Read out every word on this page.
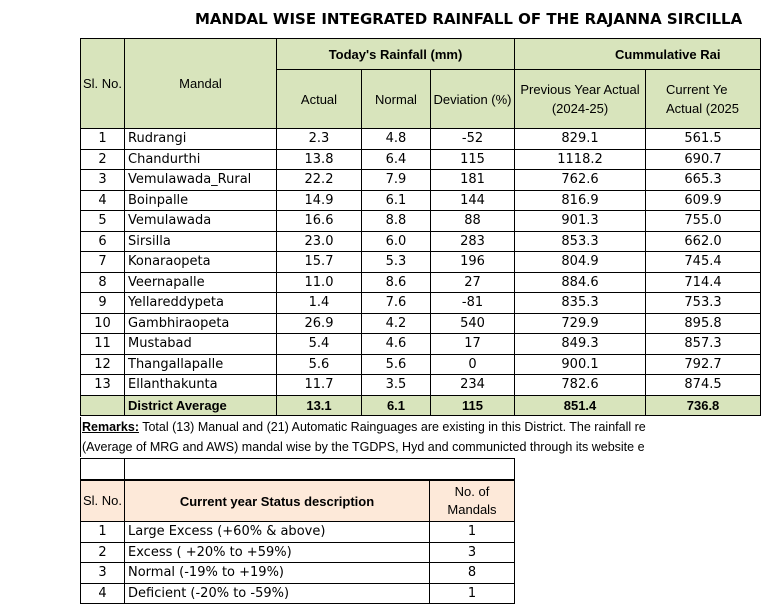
MANDAL WISE INTEGRATED RAINFALL OF THE RAJANNA SIRCILLA
Sl. No.	Mandal	Today's Rainfall (mm)			Cummulative Rai	
		Actual	Normal	Deviation (%)	Previous Year Actual (2024-25)	Current Ye Actual (2025
1	Rudrangi	2.3	4.8	-52	829.1	561.5
2	Chandurthi	13.8	6.4	115	1118.2	690.7
3	Vemulawada_Rural	22.2	7.9	181	762.6	665.3
4	Boinpalle	14.9	6.1	144	816.9	609.9
5	Vemulawada	16.6	8.8	88	901.3	755.0
6	Sirsilla	23.0	6.0	283	853.3	662.0
7	Konaraopeta	15.7	5.3	196	804.9	745.4
8	Veernapalle	11.0	8.6	27	884.6	714.4
9	Yellareddypeta	1.4	7.6	-81	835.3	753.3
10	Gambhiraopeta	26.9	4.2	540	729.9	895.8
11	Mustabad	5.4	4.6	17	849.3	857.3
12	Thangallapalle	5.6	5.6	0	900.1	792.7
13	Ellanthakunta	11.7	3.5	234	782.6	874.5
	District Average	13.1	6.1	115	851.4	736.8
Remarks: Total (13) Manual and (21) Automatic Rainguages are existing in this District. The rainfall re
(Average of MRG and AWS) mandal wise by the TGDPS, Hyd and communicted through its website e

Sl. No.	Current year Status description	No. of Mandals
1	Large Excess (+60% & above)	1
2	Excess ( +20% to +59%)	3
3	Normal (-19% to +19%)	8
4	Deficient (-20% to -59%)	1
